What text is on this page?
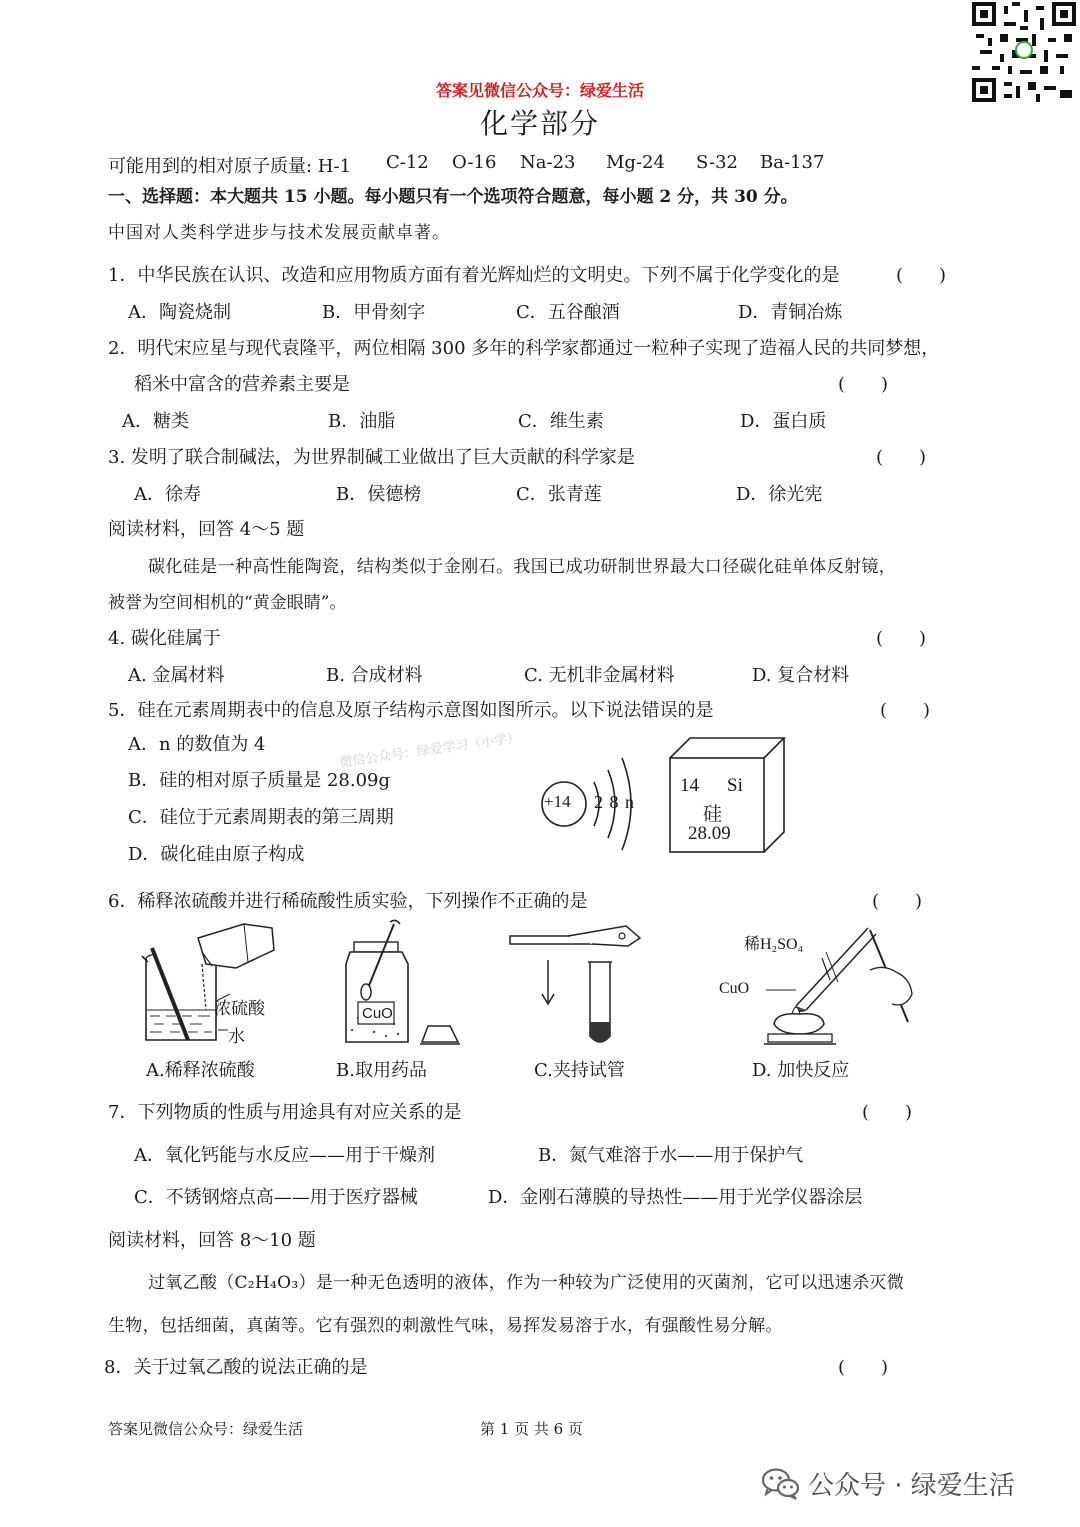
答案见微信公众号：绿爱生活
化学部分
可能用到的相对原子质量: H-1 C-12 O-16 Na-23 Mg-24 S-32 Ba-137
一、选择题：本大题共 15 小题。每小题只有一个选项符合题意，每小题 2 分，共 30 分。
中国对人类科学进步与技术发展贡献卓著。
1．中华民族在认识、改造和应用物质方面有着光辉灿烂的文明史。下列不属于化学变化的是	(　　)
A．陶瓷烧制	B．甲骨刻字	C．五谷酿酒	D．青铜冶炼
2．明代宋应星与现代袁隆平，两位相隔 300 多年的科学家都通过一粒种子实现了造福人民的共同梦想，
稻米中富含的营养素主要是	(　　)
A．糖类	B．油脂	C．维生素	D．蛋白质
3. 发明了联合制碱法，为世界制碱工业做出了巨大贡献的科学家是	(　　)
A．徐寿	B．侯德榜	C．张青莲	D．徐光宪
阅读材料，回答 4～5 题
碳化硅是一种高性能陶瓷，结构类似于金刚石。我国已成功研制世界最大口径碳化硅单体反射镜，
被誉为空间相机的“黄金眼睛”。
4. 碳化硅属于	(　　)
A. 金属材料	B. 合成材料	C. 无机非金属材料	D. 复合材料
5．硅在元素周期表中的信息及原子结构示意图如图所示。以下说法错误的是	(　　)
微信公众号：绿爱学习（小学）
A．n 的数值为 4
B．硅的相对原子质量是 28.09g
C．硅位于元素周期表的第三周期
D．碳化硅由原子构成
+14 2 8 n
14 Si
硅
28.09
6．稀释浓硫酸并进行稀硫酸性质实验，下列操作不正确的是	(　　)
浓硫酸
水
CuO
稀H₂SO₄
CuO
A.稀释浓硫酸	B.取用药品	C.夹持试管	D. 加快反应
7．下列物质的性质与用途具有对应关系的是	(　　)
A．氧化钙能与水反应——用于干燥剂	B．氮气难溶于水——用于保护气
C．不锈钢熔点高——用于医疗器械	D．金刚石薄膜的导热性——用于光学仪器涂层
阅读材料，回答 8～10 题
过氧乙酸（C₂H₄O₃）是一种无色透明的液体，作为一种较为广泛使用的灭菌剂，它可以迅速杀灭微
生物，包括细菌，真菌等。它有强烈的刺激性气味，易挥发易溶于水，有强酸性易分解。
8．关于过氧乙酸的说法正确的是	(　　)
答案见微信公众号：绿爱生活	第 1 页 共 6 页
公众号 · 绿爱生活
